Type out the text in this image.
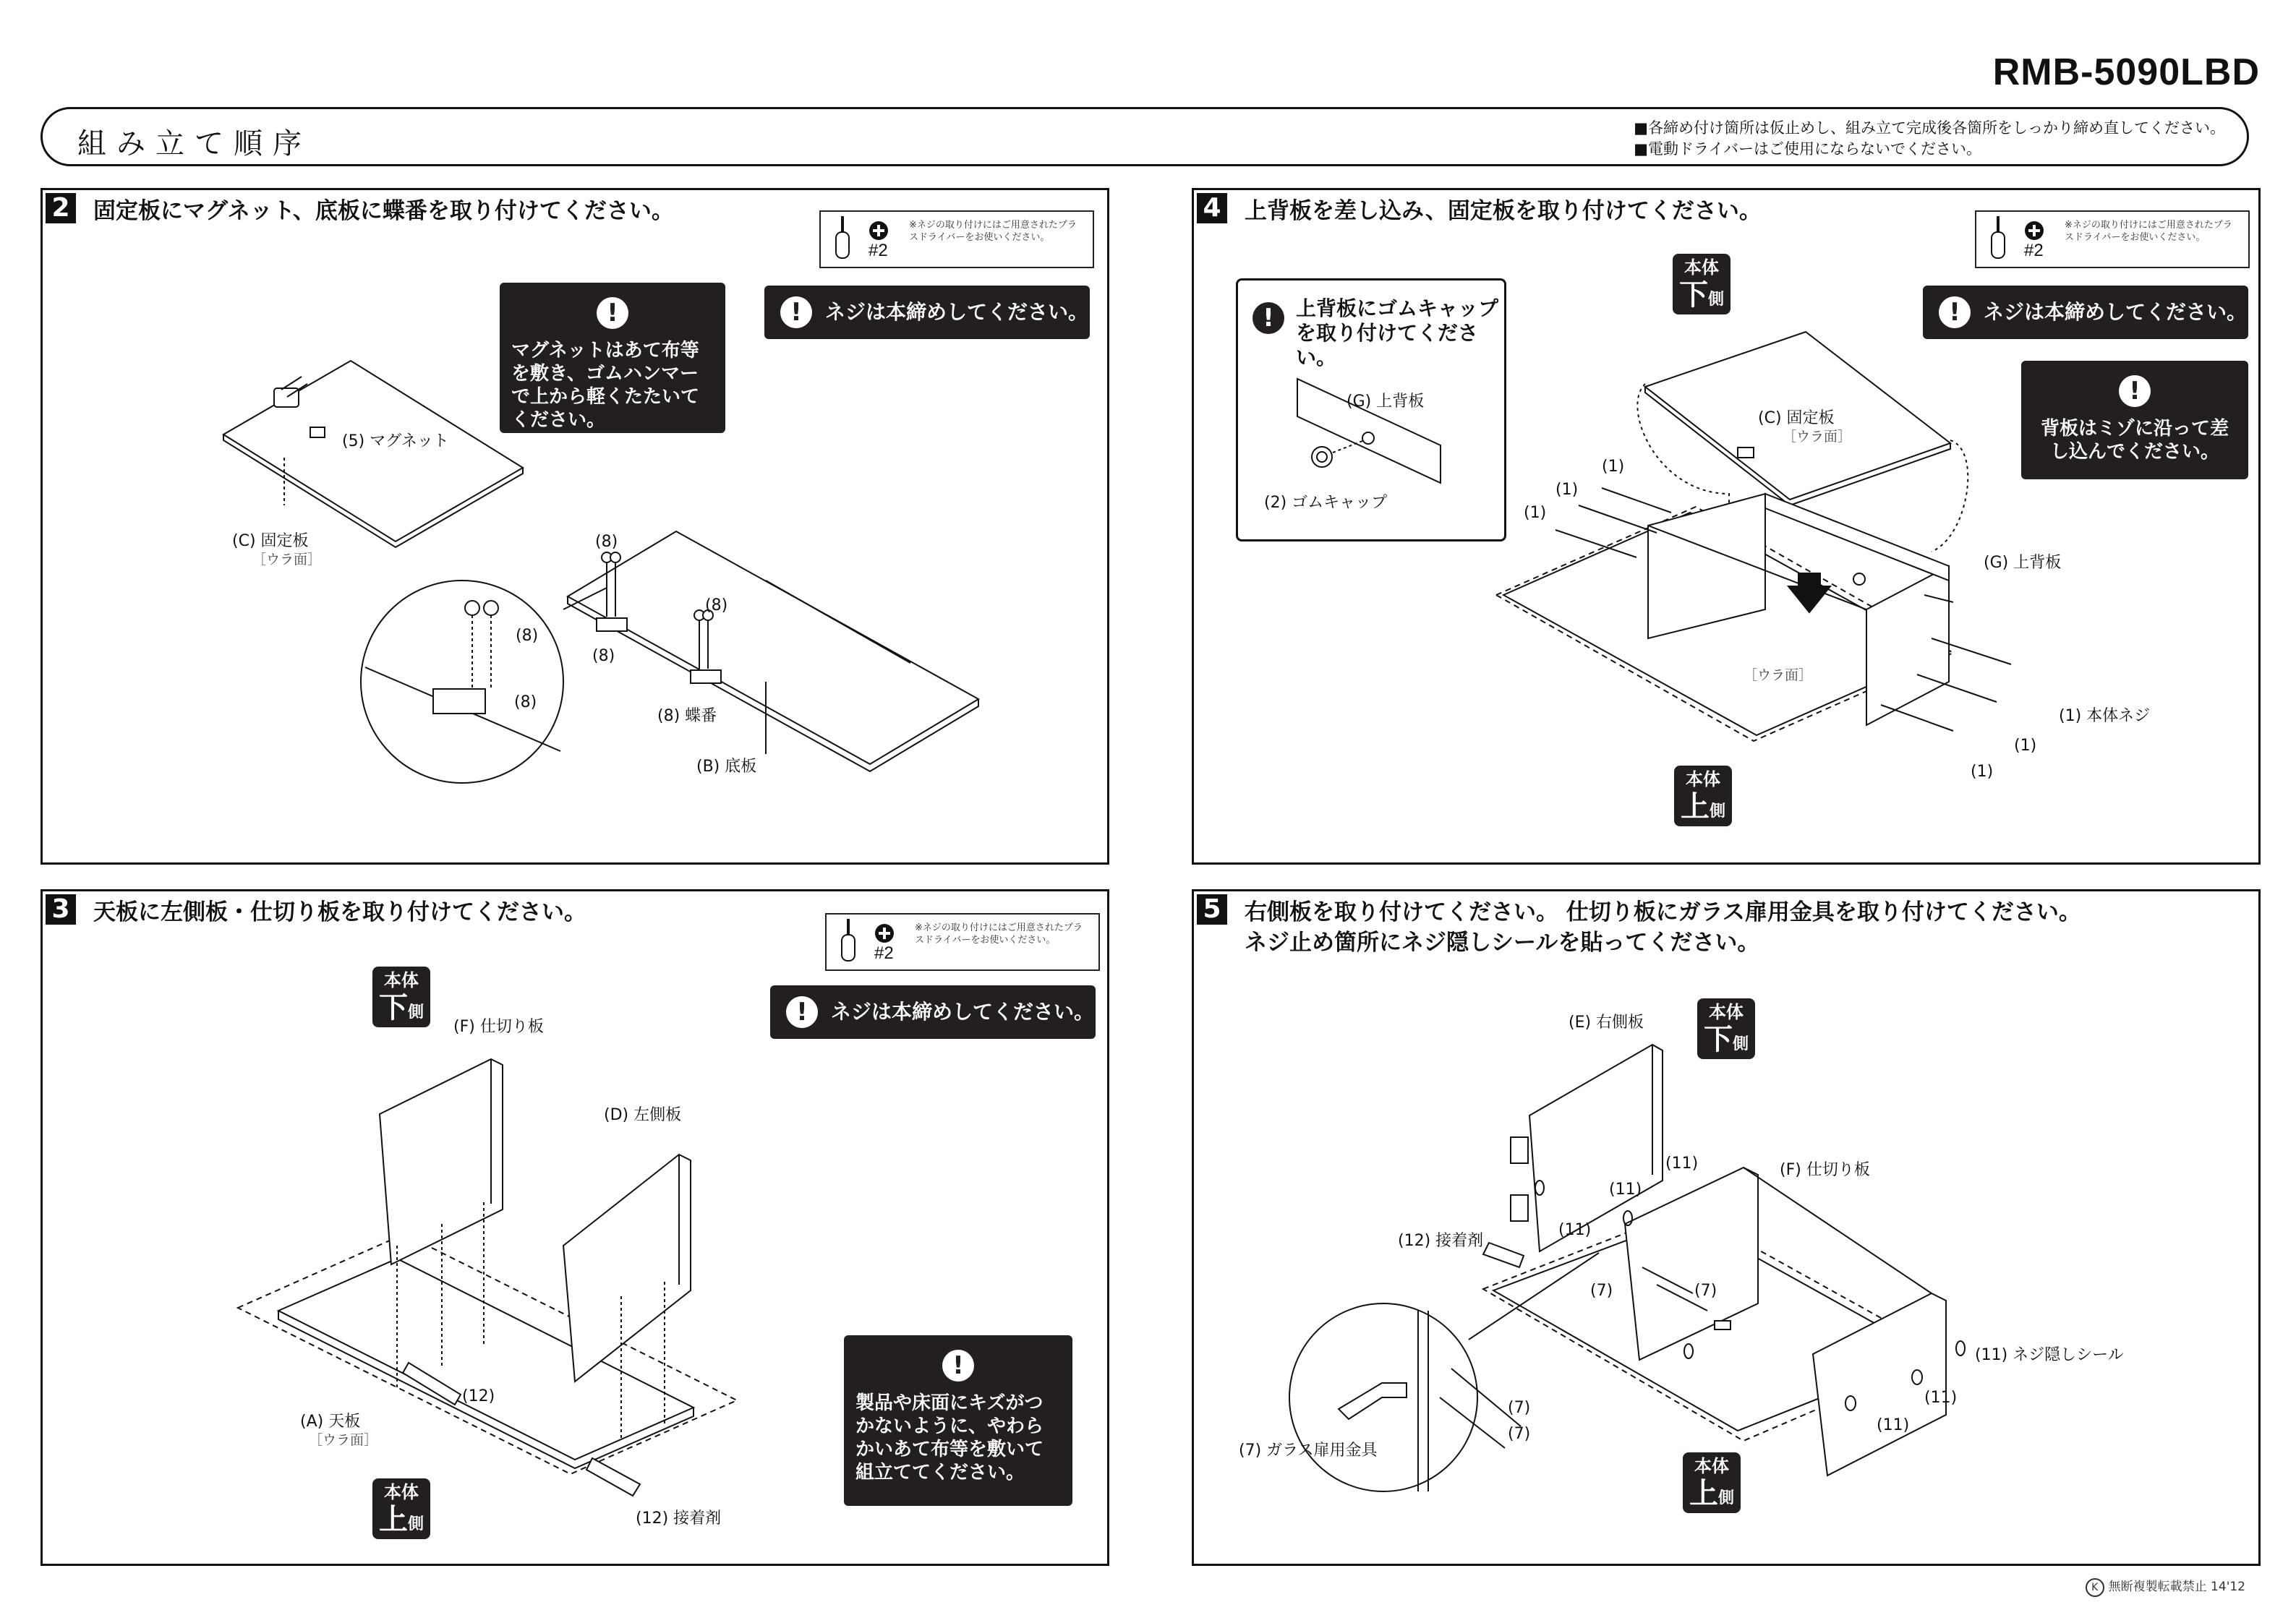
RMB-5090LBD
組み立て順序	■各締め付け箇所は仮止めし、組み立て完成後各箇所をしっかり締め直してください。
■電動ドライバーはご使用にならないでください。
2 固定板にマグネット、底板に蝶番を取り付けてください。
#2
※ネジの取り付けにはご用意されたプラスドライバーをお使いください。
!	ネジは本締めしてください。
!
マグネットはあて布等を敷き、ゴムハンマーで上から軽くたたいてください。
(5) マグネット
(C) 固定板
［ウラ面］
(8)
(8)
(8)
(8)
(8)
(8) 蝶番
(B) 底板
4 上背板を差し込み、固定板を取り付けてください。
#2
※ネジの取り付けにはご用意されたプラスドライバーをお使いください。
!	ネジは本締めしてください。
!
背板はミゾに沿って差し込んでください。
本体
下側
本体
上側
!	上背板にゴムキャップを取り付けてください。
(G) 上背板
(2) ゴムキャップ
(C) 固定板
［ウラ面］
(1)
(1)
(1)
(G) 上背板
［ウラ面］
(1) 本体ネジ
(1)
(1)
3 天板に左側板・仕切り板を取り付けてください。
#2
※ネジの取り付けにはご用意されたプラスドライバーをお使いください。
!	ネジは本締めしてください。
!
製品や床面にキズがつかないように、やわらかいあて布等を敷いて組立ててください。
本体
下側
本体
上側
(F) 仕切り板
(D) 左側板
(12)
(A) 天板
［ウラ面］
(12) 接着剤
5 右側板を取り付けてください。 仕切り板にガラス扉用金具を取り付けてください。
ネジ止め箇所にネジ隠しシールを貼ってください。
本体
下側
本体
上側
(E) 右側板
(11)
(11)
(11)
(F) 仕切り板
(12) 接着剤
(7)	(7)
(11) ネジ隠しシール
(11)
(11)
(7)
(7)
(7) ガラス扉用金具
K 無断複製転載禁止 14'12
